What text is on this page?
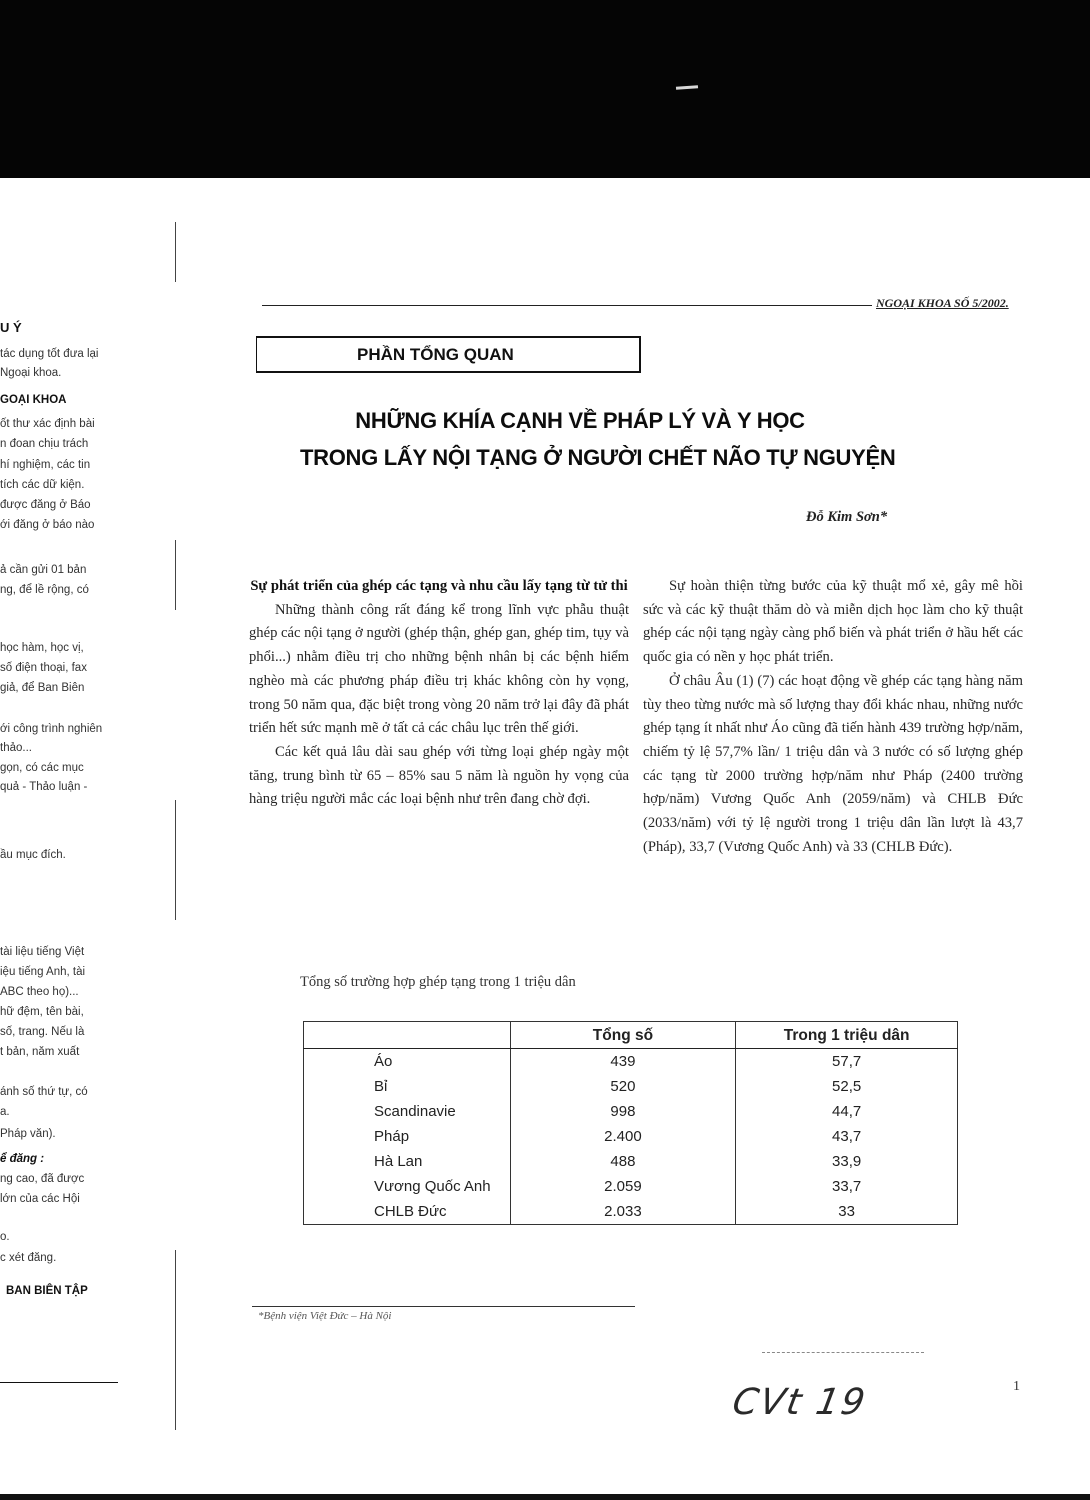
U Ý
tác dụng tốt đưa lại
Ngoại khoa.
GOẠI KHOA
ốt thư xác định bài
n đoan chịu trách
hí nghiệm, các tin
tích các dữ kiện.
được đăng ở Báo
ới đăng ở báo nào
ả cần gửi 01 bản
ng, để lề rộng, có
học hàm, học vị,
số điện thoại, fax
giả, để Ban Biên
ới công trình nghiên
thảo...
gọn, có các mục
quả - Thảo luận -
ầu mục đích.
tài liệu tiếng Việt
iệu tiếng Anh, tài
ABC theo họ)...
hữ đệm, tên bài,
số, trang. Nếu là
t bản, năm xuất
ánh số thứ tự, có
a.
Pháp văn).
ể đăng :
ng cao, đã được
lớn của các Hội
o.
c xét đăng.
BAN BIÊN TẬP
NGOẠI KHOA SỐ 5/2002.
PHẦN TỔNG QUAN
NHỮNG KHÍA CẠNH VỀ PHÁP LÝ VÀ Y HỌC
TRONG LẤY NỘI TẠNG Ở NGƯỜI CHẾT NÃO TỰ NGUYỆN
Đỗ Kim Sơn*

Sự phát triển của ghép các tạng và nhu cầu lấy tạng từ tử thi

Những thành công rất đáng kể trong lĩnh vực phẫu thuật ghép các nội tạng ở người (ghép thận, ghép gan, ghép tim, tụy và phổi...) nhằm điều trị cho những bệnh nhân bị các bệnh hiểm nghèo mà các phương pháp điều trị khác không còn hy vọng, trong 50 năm qua, đặc biệt trong vòng 20 năm trở lại đây đã phát triển hết sức mạnh mẽ ở tất cả các châu lục trên thế giới.

Các kết quả lâu dài sau ghép với từng loại ghép ngày một tăng, trung bình từ 65 – 85% sau 5 năm là nguồn hy vọng của hàng triệu người mắc các loại bệnh như trên đang chờ đợi.

Sự hoàn thiện từng bước của kỹ thuật mổ xẻ, gây mê hồi sức và các kỹ thuật thăm dò và miễn dịch học làm cho kỹ thuật ghép các nội tạng ngày càng phổ biến và phát triển ở hầu hết các quốc gia có nền y học phát triển.

Ở châu Âu (1) (7) các hoạt động về ghép các tạng hàng năm tùy theo từng nước mà số lượng thay đổi khác nhau, những nước ghép tạng ít nhất như Áo cũng đã tiến hành 439 trường hợp/năm, chiếm tỷ lệ 57,7% lần/ 1 triệu dân và 3 nước có số lượng ghép các tạng từ 2000 trường hợp/năm như Pháp (2400 trường hợp/năm) Vương Quốc Anh (2059/năm) và CHLB Đức (2033/năm) với tỷ lệ người trong 1 triệu dân lần lượt là 43,7 (Pháp), 33,7 (Vương Quốc Anh) và 33 (CHLB Đức).

Tổng số trường hợp ghép tạng trong 1 triệu dân
	Tổng số	Trong 1 triệu dân
Áo	439	57,7
Bỉ	520	52,5
Scandinavie	998	44,7
Pháp	2.400	43,7
Hà Lan	488	33,9
Vương Quốc Anh	2.059	33,7
CHLB Đức	2.033	33
*Bệnh viện Việt Đức – Hà Nội
CVt 19	1
